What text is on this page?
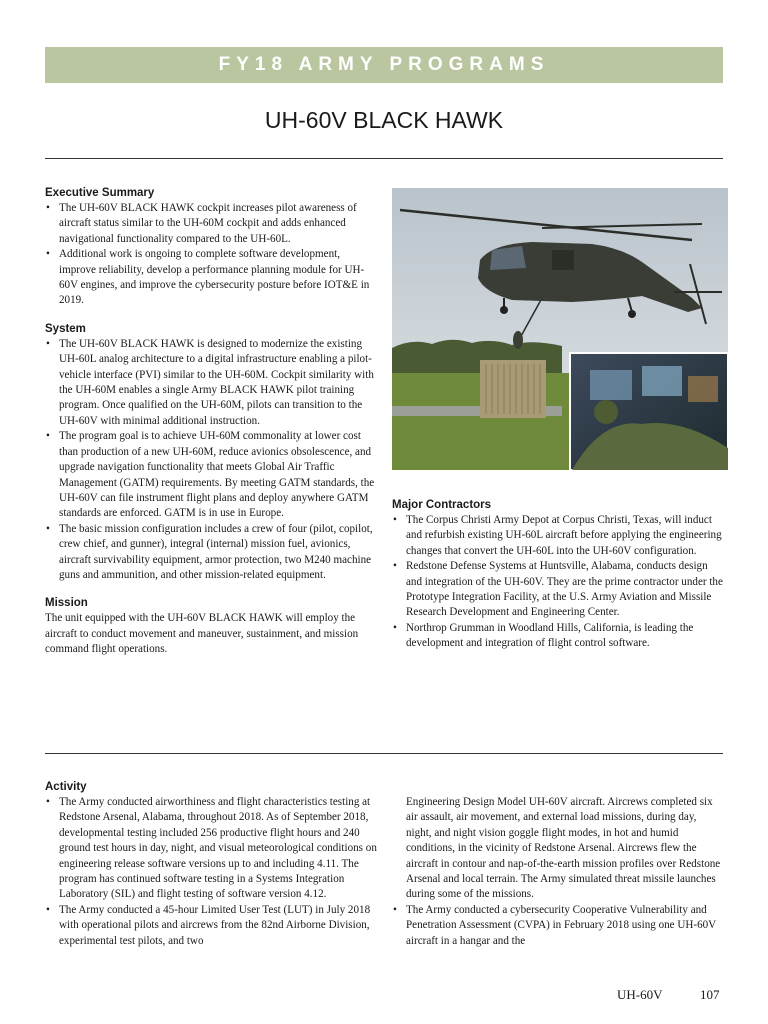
FY18 ARMY PROGRAMS
UH-60V BLACK HAWK
Executive Summary
• The UH-60V BLACK HAWK cockpit increases pilot awareness of aircraft status similar to the UH-60M cockpit and adds enhanced navigational functionality compared to the UH-60L.
• Additional work is ongoing to complete software development, improve reliability, develop a performance planning module for UH-60V engines, and improve the cybersecurity posture before IOT&E in 2019.
System
• The UH-60V BLACK HAWK is designed to modernize the existing UH-60L analog architecture to a digital infrastructure enabling a pilot-vehicle interface (PVI) similar to the UH-60M. Cockpit similarity with the UH-60M enables a single Army BLACK HAWK pilot training program. Once qualified on the UH-60M, pilots can transition to the UH-60V with minimal additional instruction.
• The program goal is to achieve UH-60M commonality at lower cost than production of a new UH-60M, reduce avionics obsolescence, and upgrade navigation functionality that meets Global Air Traffic Management (GATM) requirements. By meeting GATM standards, the UH-60V can file instrument flight plans and deploy anywhere GATM standards are enforced. GATM is in use in Europe.
• The basic mission configuration includes a crew of four (pilot, copilot, crew chief, and gunner), integral (internal) mission fuel, avionics, aircraft survivability equipment, armor protection, two M240 machine guns and ammunition, and other mission-related equipment.
Mission

The unit equipped with the UH-60V BLACK HAWK will employ the aircraft to conduct movement and maneuver, sustainment, and mission command flight operations.

Major Contractors
• The Corpus Christi Army Depot at Corpus Christi, Texas, will induct and refurbish existing UH-60L aircraft before applying the engineering changes that convert the UH-60L into the UH-60V configuration.
• Redstone Defense Systems at Huntsville, Alabama, conducts design and integration of the UH-60V. They are the prime contractor under the Prototype Integration Facility, at the U.S. Army Aviation and Missile Research Development and Engineering Center.
• Northrop Grumman in Woodland Hills, California, is leading the development and integration of flight control software.
Activity
• The Army conducted airworthiness and flight characteristics testing at Redstone Arsenal, Alabama, throughout 2018. As of September 2018, developmental testing included 256 productive flight hours and 240 ground test hours in day, night, and visual meteorological conditions on engineering release software versions up to and including 4.11. The program has continued software testing in a Systems Integration Laboratory (SIL) and flight testing of software version 4.12.
• The Army conducted a 45-hour Limited User Test (LUT) in July 2018 with operational pilots and aircrews from the 82nd Airborne Division, experimental test pilots, and two

Engineering Design Model UH-60V aircraft. Aircrews completed six air assault, air movement, and external load missions, during day, night, and night vision goggle flight modes, in hot and humid conditions, in the vicinity of Redstone Arsenal. Aircrews flew the aircraft in contour and nap-of-the-earth mission profiles over Redstone Arsenal and local terrain. The Army simulated threat missile launches during some of the missions.

• The Army conducted a cybersecurity Cooperative Vulnerability and Penetration Assessment (CVPA) in February 2018 using one UH-60V aircraft in a hangar and the
UH-60V	107
